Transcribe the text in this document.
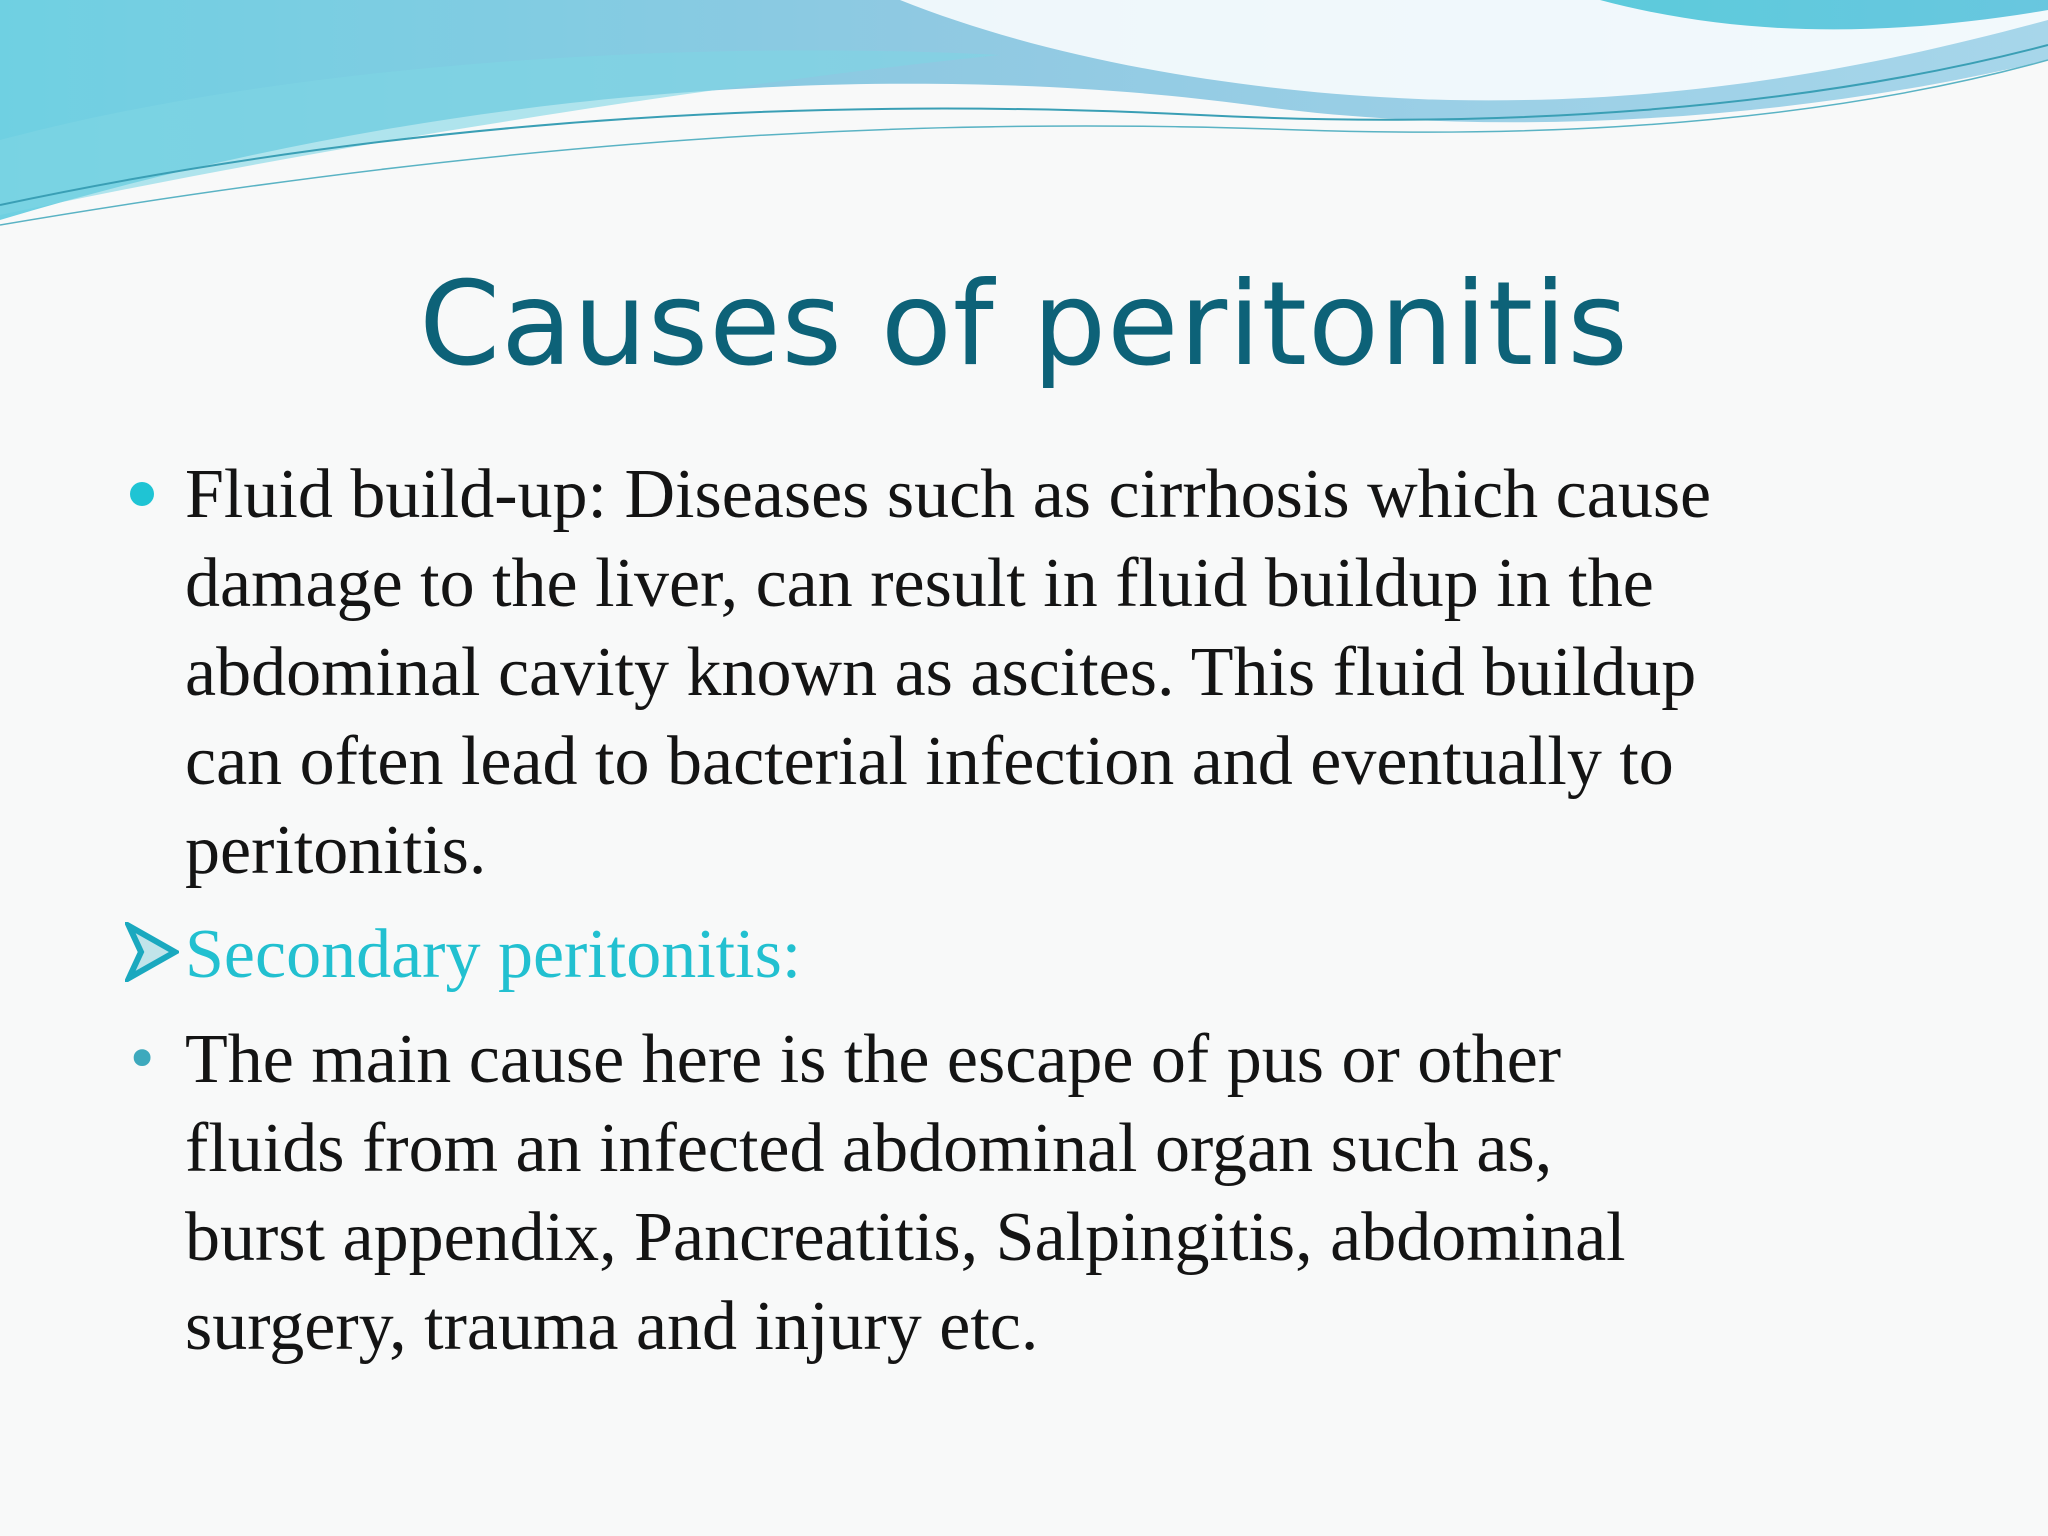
Causes of peritonitis
Fluid build-up: Diseases such as cirrhosis which cause
damage to the liver, can result in fluid buildup in the
abdominal cavity known as ascites. This fluid buildup
can often lead to bacterial infection and eventually to
peritonitis.
Secondary peritonitis:
• The main cause here is the escape of pus or other
fluids from an infected abdominal organ such as,
burst appendix, Pancreatitis, Salpingitis, abdominal
surgery, trauma and injury etc.
